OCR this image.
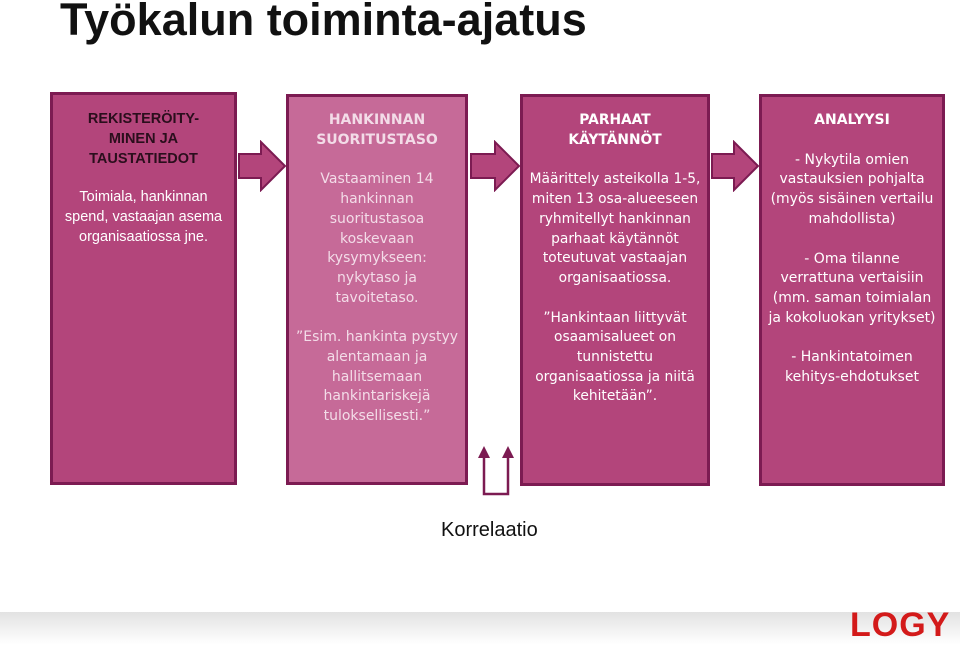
Työkalun toiminta-ajatus
REKISTERÖITY-MINEN JA TAUSTATIEDOT
Toimiala, hankinnan spend, vastaajan asema organisaatiossa jne.
HANKINNAN SUORITUSTASO
Vastaaminen 14 hankinnan suoritustasoa koskevaan kysymykseen: nykytaso ja tavoitetaso.
”Esim. hankinta pystyy alentamaan ja hallitsemaan hankintariskejä tuloksellisesti.”
PARHAAT KÄYTÄNNÖT
Määrittely asteikolla 1-5, miten 13 osa-alueeseen ryhmitellyt hankinnan parhaat käytännöt toteutuvat vastaajan organisaatiossa.
”Hankintaan liittyvät osaamisalueet on tunnistettu organisaatiossa ja niitä kehitetään”.
ANALYYSI
- Nykytila omien vastauksien pohjalta (myös sisäinen vertailu mahdollista)
- Oma tilanne verrattuna vertaisiin (mm. saman toimialan ja kokoluokan yritykset)
- Hankintatoimen kehitys-ehdotukset
Korrelaatio
LOGY
